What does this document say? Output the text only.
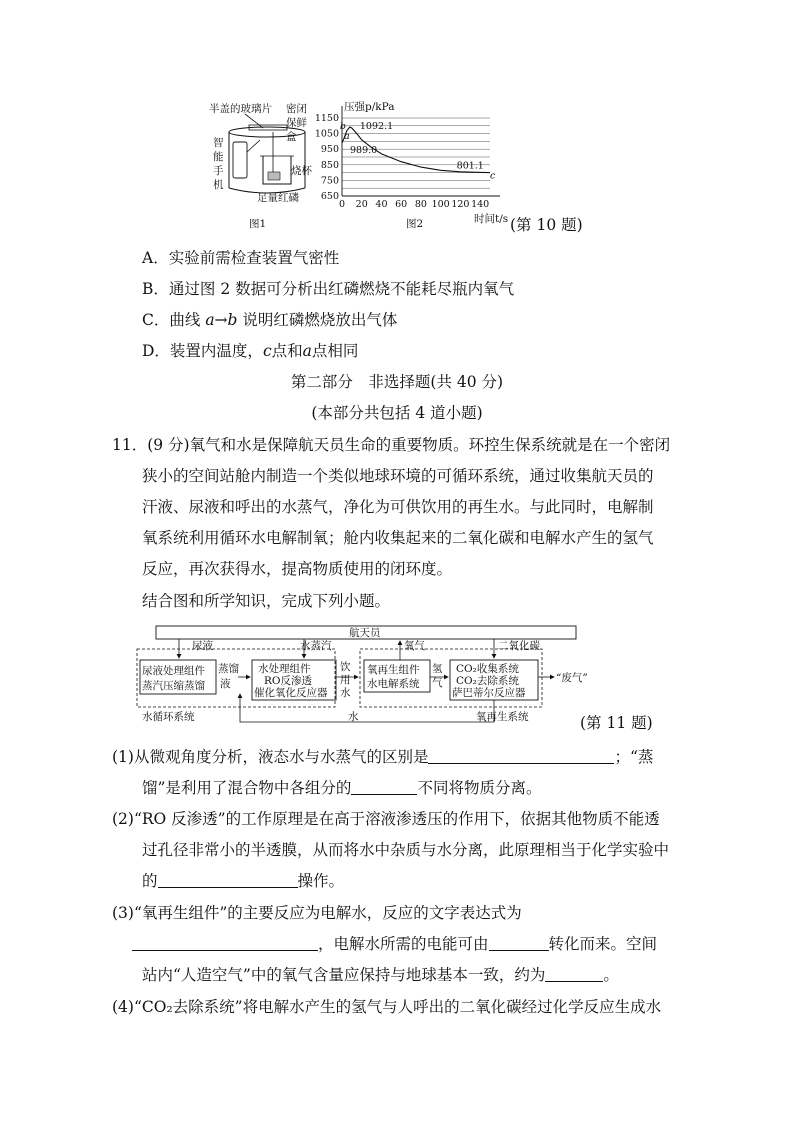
半盖的玻璃片 密闭
保鲜
盒
智
能
手
机
烧杯
足量红磷
图1
压强p/kPa
时间t/s
图2
650
750
850
950
1050
1150
0 20 40 60 80 100 120 140
a
989.0
b 1092.1
801.1
c
(第 10 题)
A．实验前需检查装置气密性
B．通过图 2 数据可分析出红磷燃烧不能耗尽瓶内氧气
C．曲线 a→b 说明红磷燃烧放出气体
D．装置内温度，c点和a点相同
第二部分　非选择题(共 40 分)
(本部分共包括 4 道小题)
11．(9 分)氧气和水是保障航天员生命的重要物质。环控生保系统就是在一个密闭
狭小的空间站舱内制造一个类似地球环境的可循环系统，通过收集航天员的
汗液、尿液和呼出的水蒸气，净化为可供饮用的再生水。与此同时，电解制
氧系统利用循环水电解制氧；舱内收集起来的二氧化碳和电解水产生的氢气
反应，再次获得水，提高物质使用的闭环度。
结合图和所学知识，完成下列小题。
航天员
尿液	水蒸汽	氧气	二氧化碳
尿液处理组件
蒸汽压缩蒸馏
蒸馏
液
水处理组件
RO反渗透
催化氧化反应器
饮
用
水
氧再生组件
水电解系统
氢
气
CO₂收集系统
CO₂去除系统
萨巴蒂尔反应器
“废气”
水循环系统	水	氧再生系统	(第 11 题)
(1)从微观角度分析，液态水与水蒸气的区别是	；“蒸
馏”是利用了混合物中各组分的	不同将物质分离。
(2)“RO 反渗透”的工作原理是在高于溶液渗透压的作用下，依据其他物质不能透
过孔径非常小的半透膜，从而将水中杂质与水分离，此原理相当于化学实验中
的	操作。
(3)“氧再生组件”的主要反应为电解水，反应的文字表达式为
，电解水所需的电能可由	转化而来。空间
站内“人造空气”中的氧气含量应保持与地球基本一致，约为	。
(4)“CO₂去除系统”将电解水产生的氢气与人呼出的二氧化碳经过化学反应生成水
